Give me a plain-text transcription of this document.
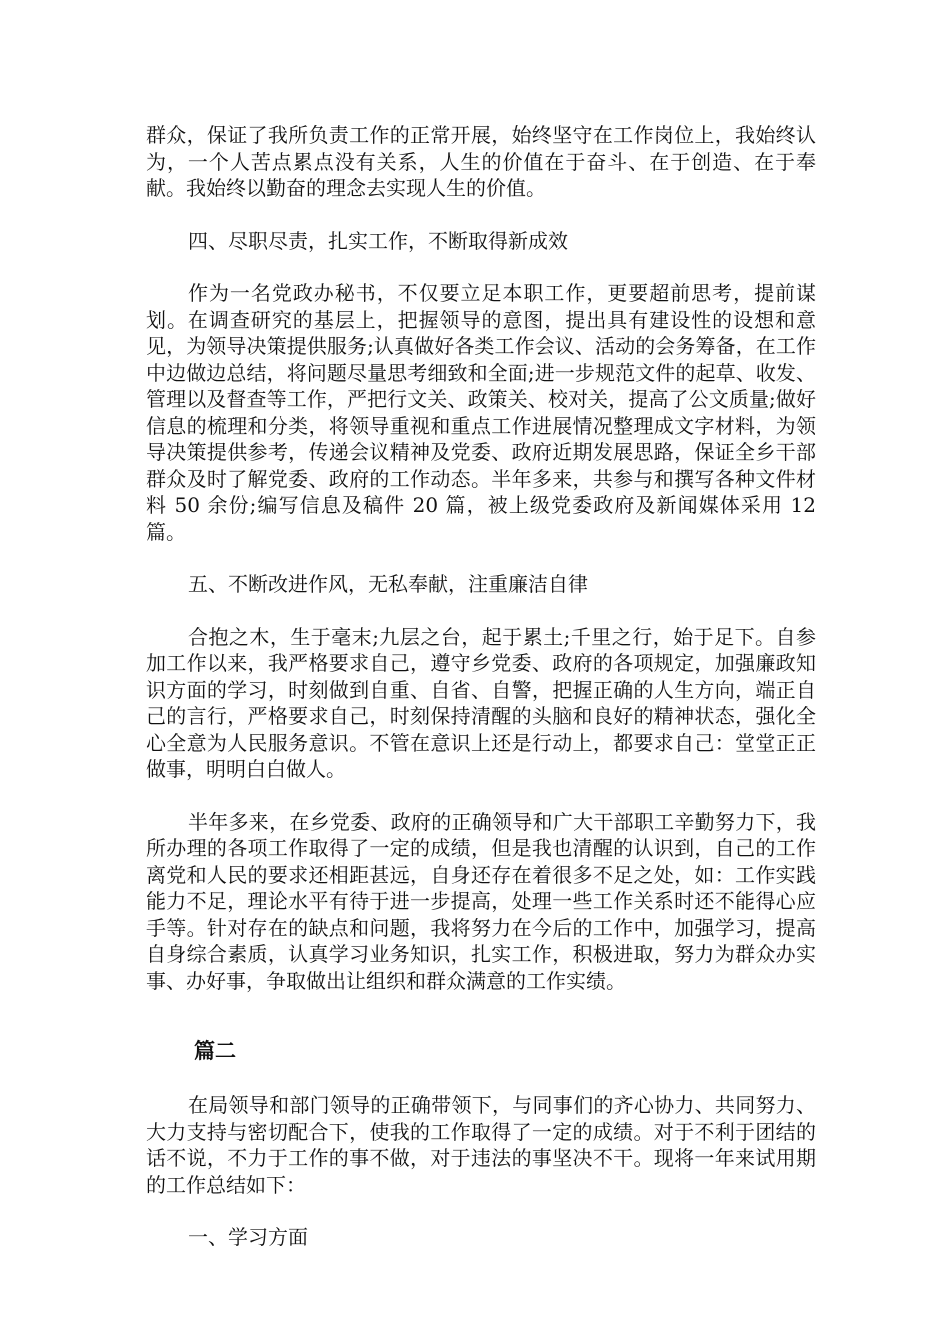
群众，保证了我所负责工作的正常开展，始终坚守在工作岗位上，我始终认为，一个人苦点累点没有关系，人生的价值在于奋斗、在于创造、在于奉献。我始终以勤奋的理念去实现人生的价值。

四、尽职尽责，扎实工作，不断取得新成效

作为一名党政办秘书，不仅要立足本职工作，更要超前思考，提前谋划。在调查研究的基层上，把握领导的意图，提出具有建设性的设想和意见，为领导决策提供服务;认真做好各类工作会议、活动的会务筹备，在工作中边做边总结，将问题尽量思考细致和全面;进一步规范文件的起草、收发、管理以及督查等工作，严把行文关、政策关、校对关，提高了公文质量;做好信息的梳理和分类，将领导重视和重点工作进展情况整理成文字材料，为领导决策提供参考，传递会议精神及党委、政府近期发展思路，保证全乡干部群众及时了解党委、政府的工作动态。半年多来，共参与和撰写各种文件材料 50 余份;编写信息及稿件 20 篇，被上级党委政府及新闻媒体采用 12 篇。

五、不断改进作风，无私奉献，注重廉洁自律

合抱之木，生于毫末;九层之台，起于累土;千里之行，始于足下。自参加工作以来，我严格要求自己，遵守乡党委、政府的各项规定，加强廉政知识方面的学习，时刻做到自重、自省、自警，把握正确的人生方向，端正自己的言行，严格要求自己，时刻保持清醒的头脑和良好的精神状态，强化全心全意为人民服务意识。不管在意识上还是行动上，都要求自己：堂堂正正做事，明明白白做人。

半年多来，在乡党委、政府的正确领导和广大干部职工辛勤努力下，我所办理的各项工作取得了一定的成绩，但是我也清醒的认识到，自己的工作离党和人民的要求还相距甚远，自身还存在着很多不足之处，如：工作实践能力不足，理论水平有待于进一步提高，处理一些工作关系时还不能得心应手等。针对存在的缺点和问题，我将努力在今后的工作中，加强学习，提高自身综合素质，认真学习业务知识，扎实工作，积极进取，努力为群众办实事、办好事，争取做出让组织和群众满意的工作实绩。

篇二

在局领导和部门领导的正确带领下，与同事们的齐心协力、共同努力、大力支持与密切配合下，使我的工作取得了一定的成绩。对于不利于团结的话不说，不力于工作的事不做，对于违法的事坚决不干。现将一年来试用期的工作总结如下：

一、学习方面
